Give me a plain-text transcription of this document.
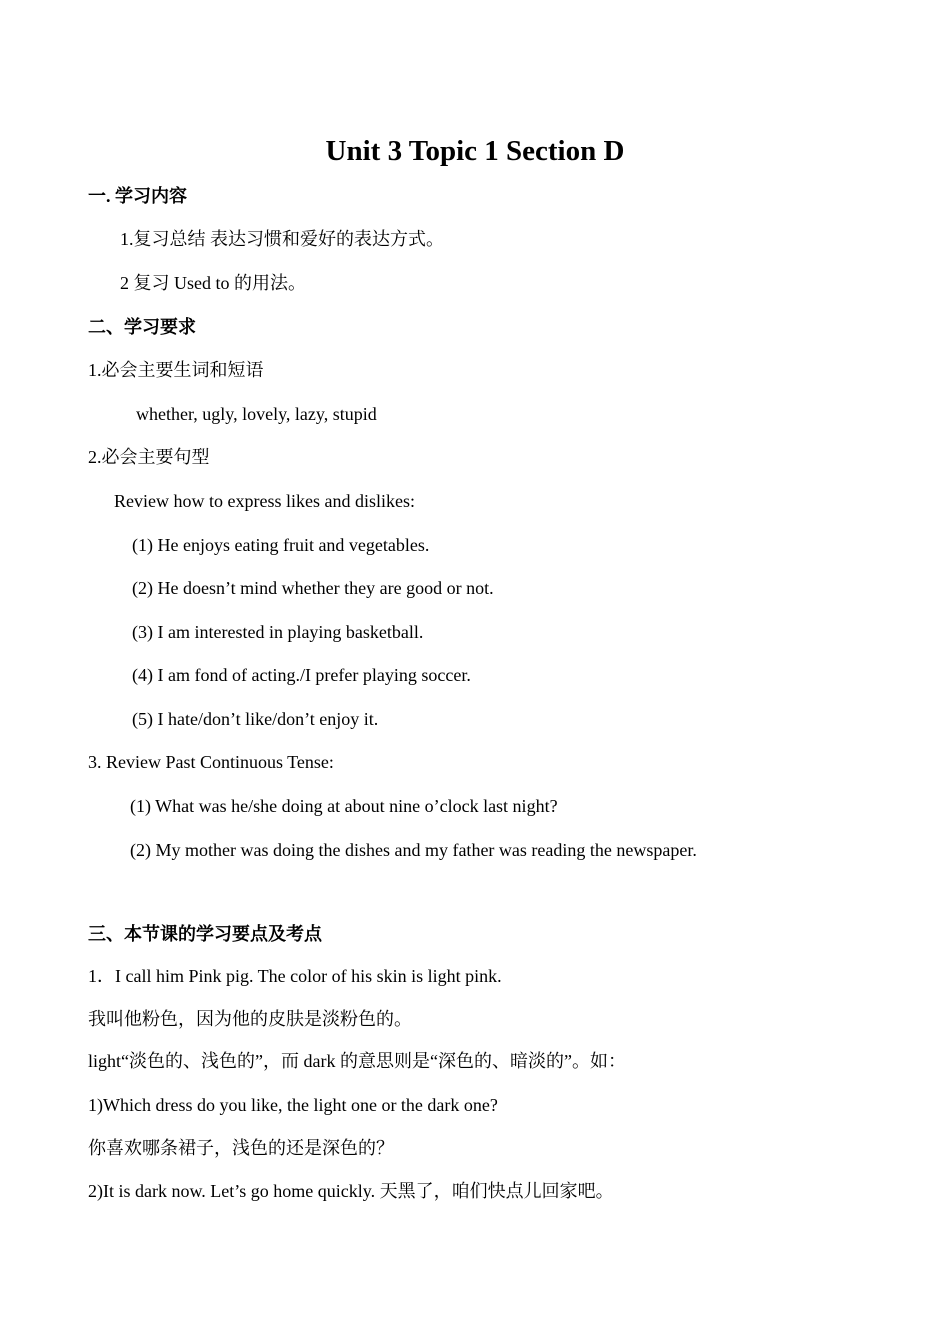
Unit 3 Topic 1 Section D
一. 学习内容
1.复习总结 表达习惯和爱好的表达方式。
2 复习 Used to 的用法。
二、学习要求
1.必会主要生词和短语
whether, ugly, lovely, lazy, stupid
2.必会主要句型
Review how to express likes and dislikes:
(1) He enjoys eating fruit and vegetables.
(2) He doesn’t mind whether they are good or not.
(3) I am interested in playing basketball.
(4) I am fond of acting./I prefer playing soccer.
(5) I hate/don’t like/don’t enjoy it.
3. Review Past Continuous Tense:
(1) What was he/she doing at about nine o’clock last night?
(2) My mother was doing the dishes and my father was reading the newspaper.
三、本节课的学习要点及考点
1．I call him Pink pig. The color of his skin is light pink.
我叫他粉色，因为他的皮肤是淡粉色的。
light“淡色的、浅色的”，而 dark 的意思则是“深色的、暗淡的”。如：
1)Which dress do you like, the light one or the dark one?
你喜欢哪条裙子，浅色的还是深色的？
2)It is dark now. Let’s go home quickly. 天黑了，咱们快点儿回家吧。
